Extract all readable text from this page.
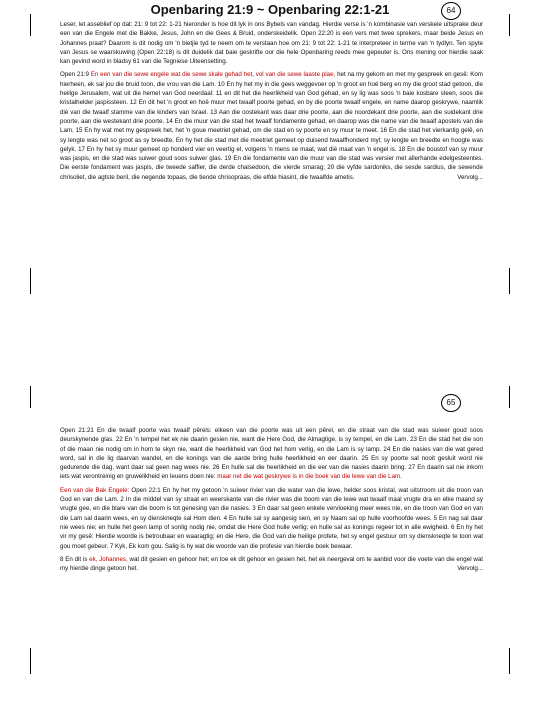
Openbaring 21:9 ~ Openbaring 22:1-21	64

Leser, let asseblief op dat: 21: 9 tot 22: 1-21 hieronder is hoe dit lyk in ons Bybels van vandag. Hierdie verse is 'n kombinasie van verskeie uitsprake deur een van die Engele met die Bakke, Jesus, John en die Gees & Bruid, onderskeidelik. Open 22:20 is een vers met twee sprekers, maar beide Jesus en Johannes praat? Daarom is dit nodig om 'n bietjie tyd te neem om te verstaan hoe om 21: 9 tot 22: 1-21 te interpreteer in terme van 'n tydlyn. Ten spyte van Jesus se waarskuwing (Open 22:18) is dit duidelik dat baie geskrifte oor die hele Openbaring reeds mee gepeuter is. Ons mening oor hierdie saak kan gevind word in bladsy 61 van die Tegniese Uiteensetting.

Open 21:9 En een van die sewe engele wat die sewe skale gehad het, vol van die sewe laaste plae, het na my gekom en met my gespreek en gesê: Kom hierheen, ek sal jou die bruid toon, die vrou van die Lam. 10 En hy het my in die gees weggevoer op 'n groot en hoë berg en my die groot stad getoon, die heilige Jerusalem, wat uit die hemel van God neerdaal: 11 en dit het die heerlikheid van God gehad, en sy lig was soos 'n baie kosbare steen, soos die kristalhelder jaspissteen. 12 En dit het 'n groot en hoë muur met twaalf poorte gehad, en by die poorte twaalf engele, en name daarop geskrywe, naamlik dié van die twaalf stamme van die kinders van Israel. 13 Aan die oostekant was daar drie poorte, aan die noordekant drie poorte, aan die suidekant drie poorte, aan die westekant drie poorte. 14 En die muur van die stad het twaalf fondamente gehad, en daarop was die name van die twaalf apostels van die Lam. 15 En hy wat met my gespreek het, het 'n goue meetriet gehad, om die stad en sy poorte en sy muur te meet. 16 En die stad het vierkantig gelê, en sy lengte was net so groot as sy breedte. En hy het die stad met die meetriet gemeet op duisend twaalfhonderd myl; sy lengte en breedte en hoogte was gelyk. 17 En hy het sy muur gemeet op honderd vier en veertig el, volgens 'n mens se maat, wat dié maat van 'n engel is. 18 En die boustof van sy muur was jaspis, en die stad was suiwer goud soos suiwer glas. 19 En die fondamente van die muur van die stad was versier met allerhande edelgesteentes. Die eerste fondament was jaspis, die tweede saffier, die derde chalsedoon, die vierde smarag; 20 die vyfde sardoniks, die sesde sardius, die sewende chrisoliet, die agtste beril, die negende topaas, die tiende chrisopraas, die elfde hiasint, die twaalfde ametis.	Vervolg...

65

Open 21:21 En die twaalf poorte was twaalf pêrels: elkeen van die poorte was uit een pêrel, en die straat van die stad was suiwer goud soos deurskynende glas. 22 En 'n tempel het ek nie daarin gesien nie, want die Here God, die Almagtige, is sy tempel, en die Lam. 23 En die stad het die son of die maan nie nodig om in hom te skyn nie, want die heerlikheid van God het hom verlig, en die Lam is sy lamp. 24 En die nasies van die wat gered word, sal in die lig daarvan wandel, en die konings van die aarde bring hulle heerlikheid en eer daarin. 25 En sy poorte sal nooit gesluit word nie gedurende die dag, want daar sal geen nag wees nie. 26 En hulle sal die heerlikheid en die eer van die nasies daarin bring. 27 En daarin sal nie inkom iets wat verontreinig en gruwelikheid en leuens doen nie: maar net die wat geskrywe is in die boek van die lewe van die Lam.

Een van die Bak Engele: Open 22:1 En hy het my getoon 'n suiwer rivier van die water van die lewe, helder soos kristal, wat uitstroom uit die troon van God en van die Lam. 2 In die middel van sy straat en weerskante van die rivier was die boom van die lewe wat twaalf maal vrugte dra en elke maand sy vrugte gee, en die blare van die boom is tot genesing van die nasies. 3 En daar sal geen enkele vervloeking meer wees nie, en die troon van God en van die Lam sal daarin wees, en sy dienskneqte sal Hom dien. 4 En hulle sal sy aangesig sien, en sy Naam sal op hulle voorhoofde wees. 5 En nag sal daar nie wees nie; en hulle het geen lamp of sonlig nodig nie, omdat die Here God hulle verlig; en hulle sal as konings regeer tot in alle ewigheid. 6 En hy het vir my gesê: Hierdie woorde is betroubaar en waaragtig; en die Here, die God van die heilige profete, het sy engel gestuur om sy dienskneqte te toon wat gou moet gebeur. 7 Kyk, Ek kom gou. Salig is hy wat die woorde van die profesie van hierdie boek bewaar.

8 En dit is ek, Johannes, wat dit gesien en gehoor het; en toe ek dit gehoor en gesien het, het ek neergeval om te aanbid voor die voete van die engel wat my hierdie dinge getoon het.	Vervolg...
